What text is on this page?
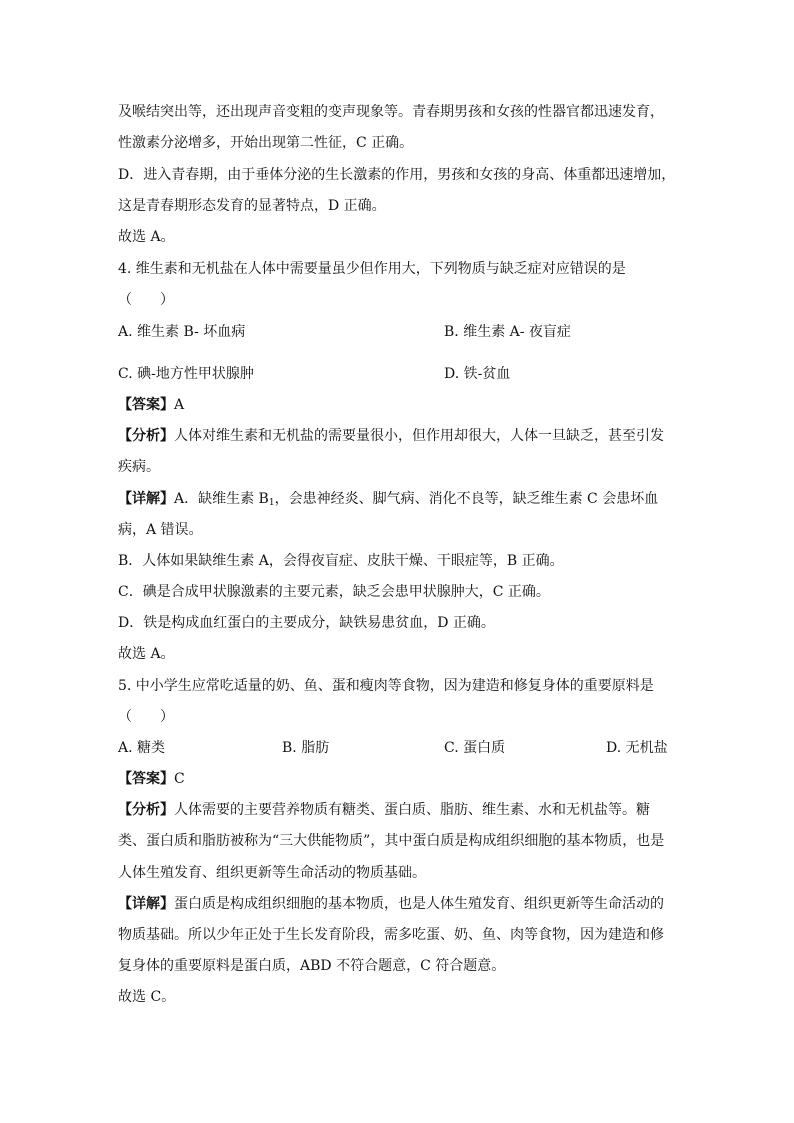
及喉结突出等，还出现声音变粗的变声现象等。青春期男孩和女孩的性器官都迅速发育，
性激素分泌增多，开始出现第二性征，C 正确。
D．进入青春期，由于垂体分泌的生长激素的作用，男孩和女孩的身高、体重都迅速增加，
这是青春期形态发育的显著特点，D 正确。
故选 A。
4. 维生素和无机盐在人体中需要量虽少但作用大，下列物质与缺乏症对应错误的是
（　　）
A. 维生素 B- 坏血病	B. 维生素 A- 夜盲症
C. 碘-地方性甲状腺肿	D. 铁-贫血
【答案】A
【分析】人体对维生素和无机盐的需要量很小，但作用却很大，人体一旦缺乏，甚至引发
疾病。
【详解】A．缺维生素 $B_1$，会患神经炎、脚气病、消化不良等，缺乏维生素 C 会患坏血
病，A 错误。
B．人体如果缺维生素 A，会得夜盲症、皮肤干燥、干眼症等，B 正确。
C．碘是合成甲状腺激素的主要元素，缺乏会患甲状腺肿大，C 正确。
D．铁是构成血红蛋白的主要成分，缺铁易患贫血，D 正确。
故选 A。
5. 中小学生应常吃适量的奶、鱼、蛋和瘦肉等食物，因为建造和修复身体的重要原料是
（　　）
A. 糖类	B. 脂肪	C. 蛋白质	D. 无机盐
【答案】C
【分析】人体需要的主要营养物质有糖类、蛋白质、脂肪、维生素、水和无机盐等。糖
类、蛋白质和脂肪被称为“三大供能物质”，其中蛋白质是构成组织细胞的基本物质，也是
人体生殖发育、组织更新等生命活动的物质基础。
【详解】蛋白质是构成组织细胞的基本物质，也是人体生殖发育、组织更新等生命活动的
物质基础。所以少年正处于生长发育阶段，需多吃蛋、奶、鱼、肉等食物，因为建造和修
复身体的重要原料是蛋白质，ABD 不符合题意，C 符合题意。
故选 C。
